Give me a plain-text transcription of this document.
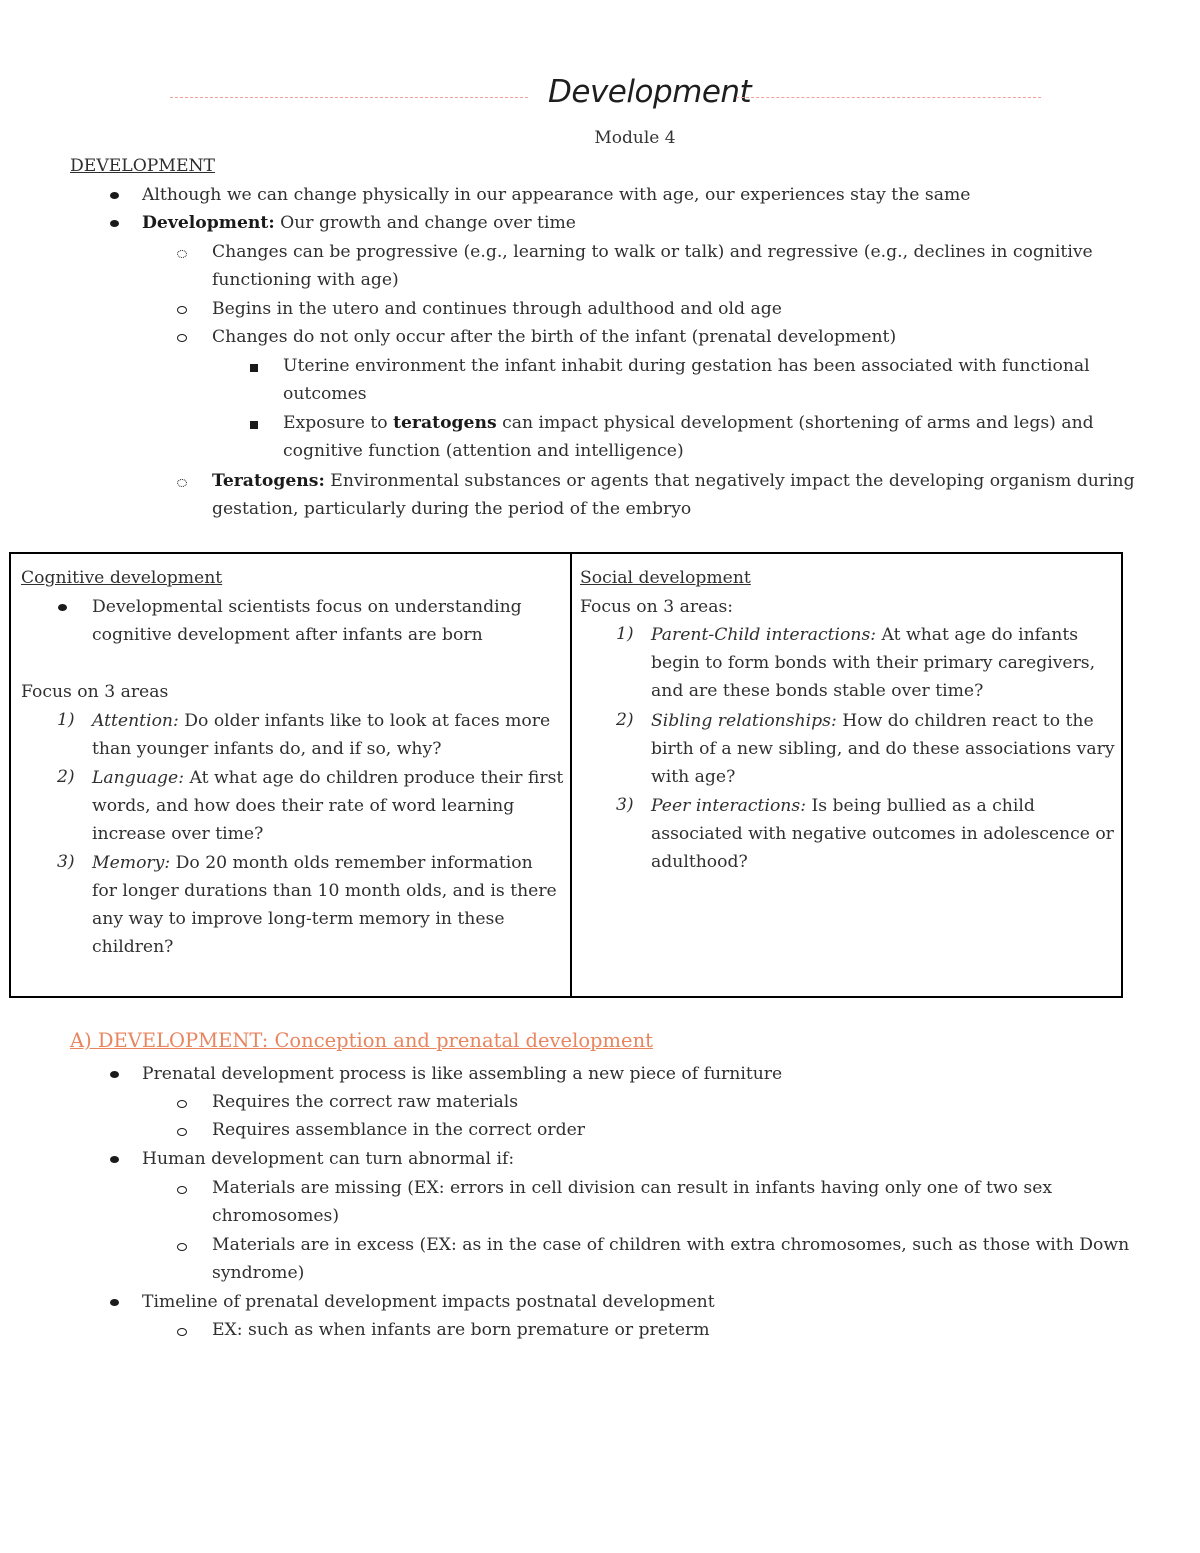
Development
Module 4
DEVELOPMENT
Although we can change physically in our appearance with age, our experiences stay the same
Development: Our growth and change over time
Changes can be progressive (e.g., learning to walk or talk) and regressive (e.g., declines in cognitive
functioning with age)
Begins in the utero and continues through adulthood and old age
Changes do not only occur after the birth of the infant (prenatal development)
Uterine environment the infant inhabit during gestation has been associated with functional
outcomes
Exposure to teratogens can impact physical development (shortening of arms and legs) and
cognitive function (attention and intelligence)
Teratogens: Environmental substances or agents that negatively impact the developing organism during
gestation, particularly during the period of the embryo
Cognitive development
Developmental scientists focus on understanding
cognitive development after infants are born
Focus on 3 areas
1) Attention: Do older infants like to look at faces more
than younger infants do, and if so, why?
2) Language: At what age do children produce their first
words, and how does their rate of word learning
increase over time?
3) Memory: Do 20 month olds remember information
for longer durations than 10 month olds, and is there
any way to improve long-term memory in these
children?
Social development
Focus on 3 areas:
1) Parent-Child interactions: At what age do infants
begin to form bonds with their primary caregivers,
and are these bonds stable over time?
2) Sibling relationships: How do children react to the
birth of a new sibling, and do these associations vary
with age?
3) Peer interactions: Is being bullied as a child
associated with negative outcomes in adolescence or
adulthood?
A) DEVELOPMENT: Conception and prenatal development
Prenatal development process is like assembling a new piece of furniture
Requires the correct raw materials
Requires assemblance in the correct order
Human development can turn abnormal if:
Materials are missing (EX: errors in cell division can result in infants having only one of two sex
chromosomes)
Materials are in excess (EX: as in the case of children with extra chromosomes, such as those with Down
syndrome)
Timeline of prenatal development impacts postnatal development
EX: such as when infants are born premature or preterm
